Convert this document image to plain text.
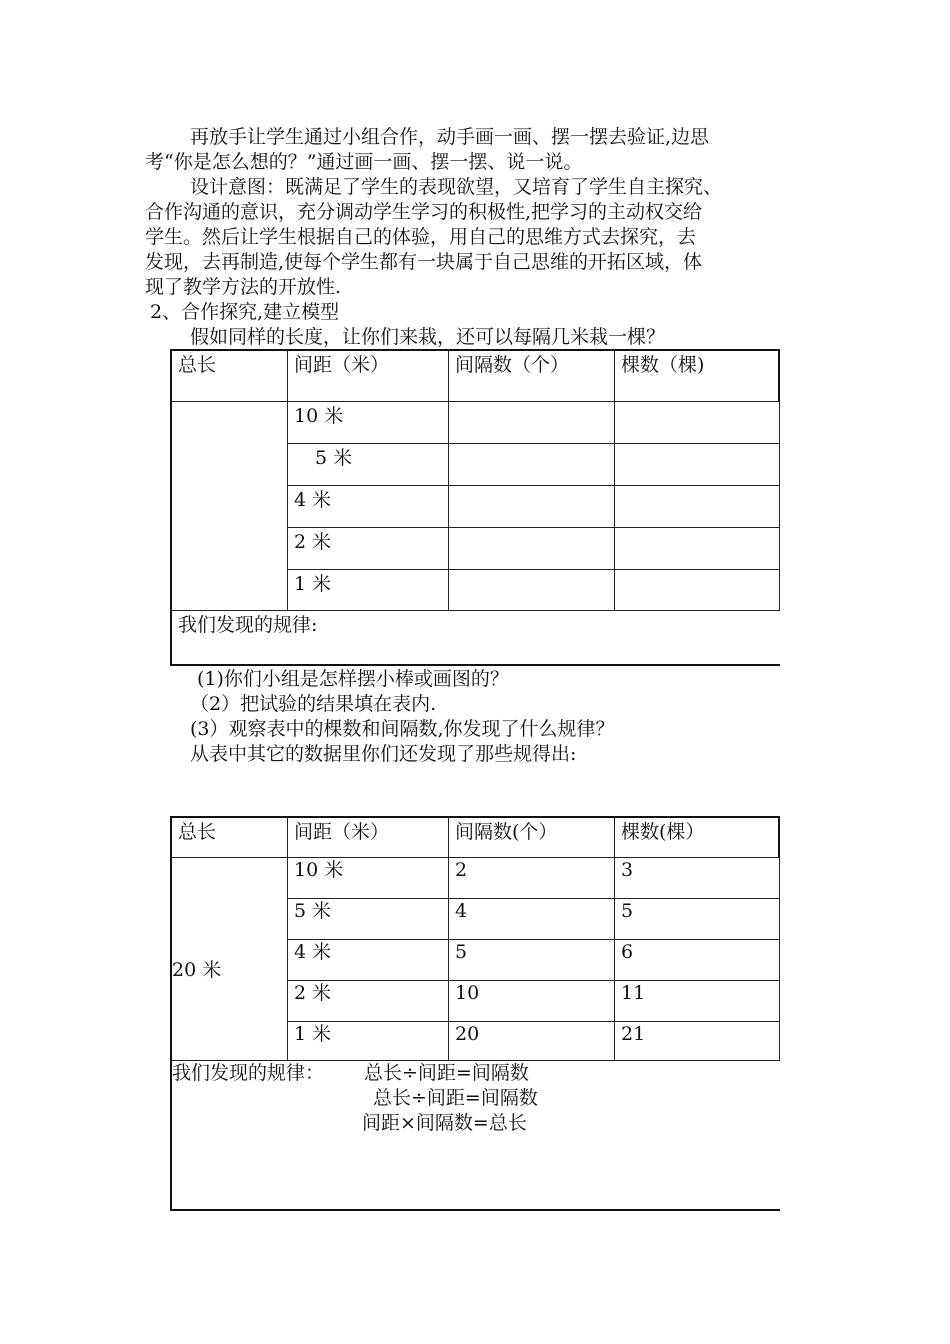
再放手让学生通过小组合作，动手画一画、摆一摆去验证,边思
考“你是怎么想的？”通过画一画、摆一摆、说一说。
设计意图：既满足了学生的表现欲望，又培育了学生自主探究、
合作沟通的意识，充分调动学生学习的积极性,把学习的主动权交给
学生。然后让学生根据自己的体验，用自己的思维方式去探究，去
发现，去再制造,使每个学生都有一块属于自己思维的开拓区域，体
现了教学方法的开放性.
2、合作探究,建立模型
假如同样的长度，让你们来栽，还可以每隔几米栽一棵？
总长	间距（米）	间隔数（个）	棵数（棵)
10 米
5 米
4 米
2 米
1 米
我们发现的规律:
(1)你们小组是怎样摆小棒或画图的？
（2）把试验的结果填在表内.
(3）观察表中的棵数和间隔数,你发现了什么规律？
从表中其它的数据里你们还发现了那些规得出:
总长	间距（米）	间隔数(个）	棵数(棵）
20 米
10 米	2	3
5 米	4	5
4 米	5	6
2 米	10	11
1 米	20	21
我们发现的规律： 总长÷间距=间隔数
总长÷间距=间隔数
间距×间隔数=总长
